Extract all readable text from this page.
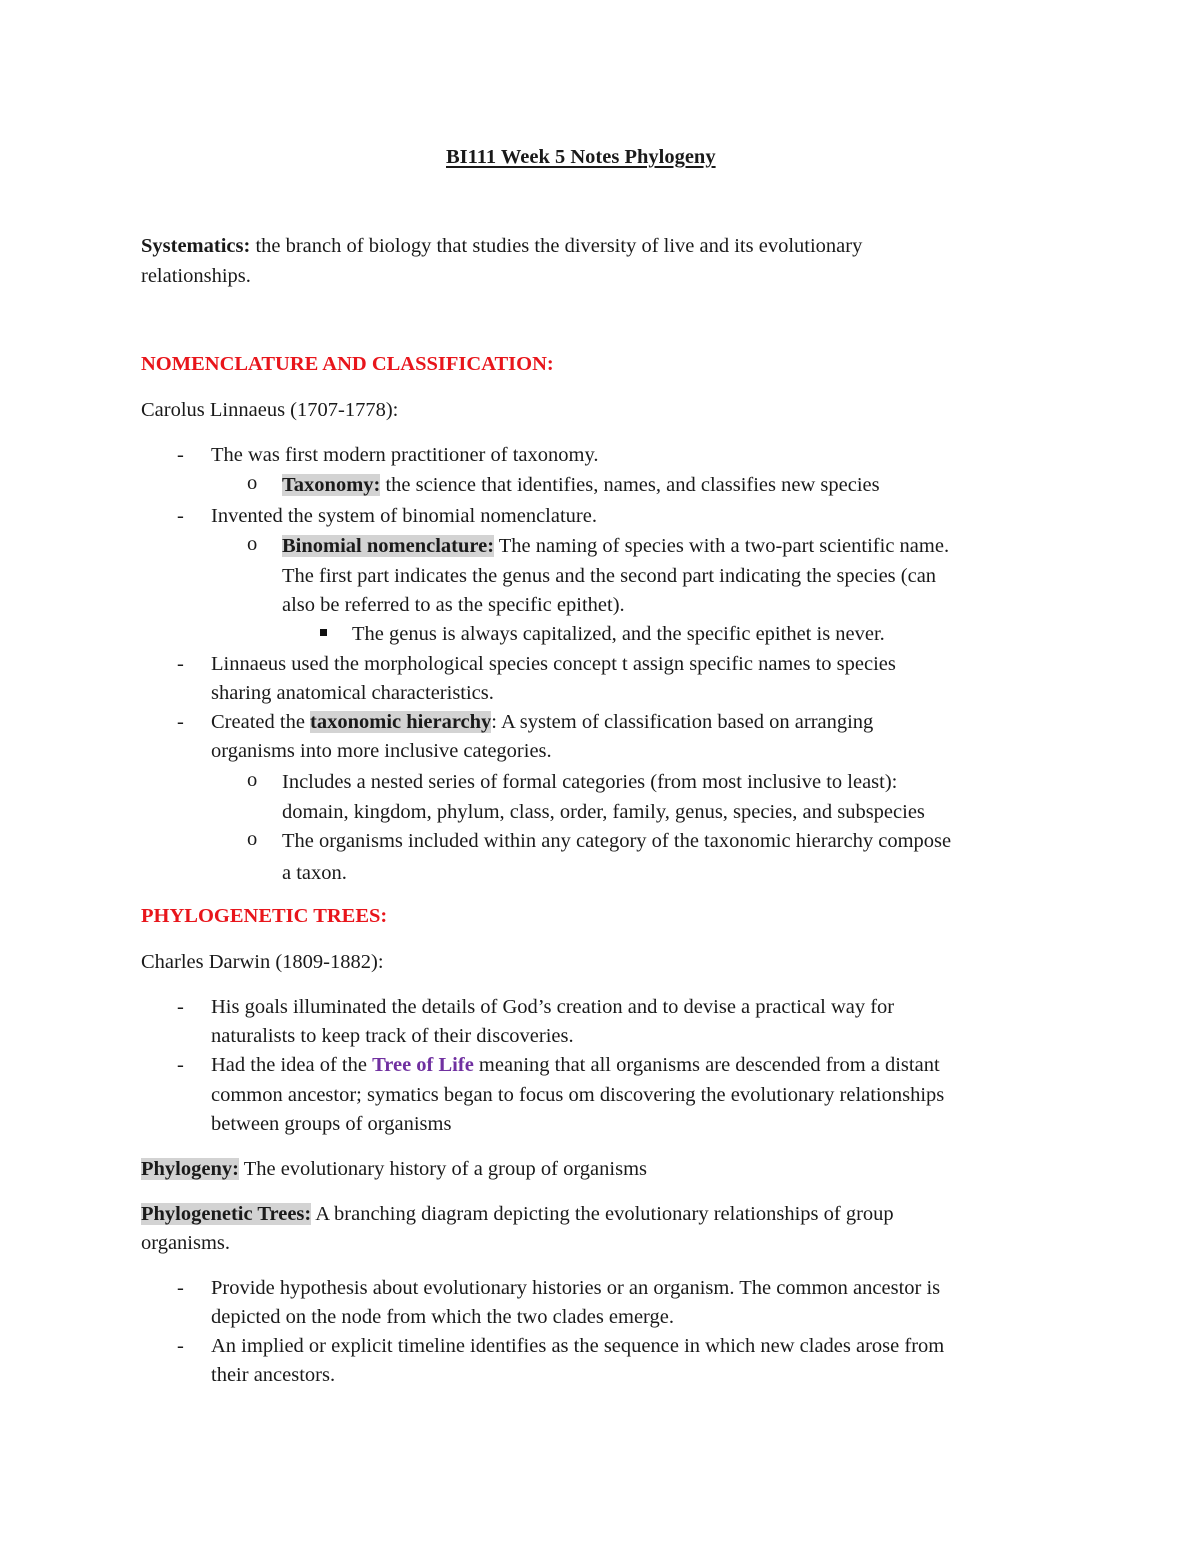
BI111 Week 5 Notes Phylogeny
Systematics: the branch of biology that studies the diversity of live and its evolutionary
relationships.
NOMENCLATURE AND CLASSIFICATION:
Carolus Linnaeus (1707-1778):
- The was first modern practitioner of taxonomy.
o Taxonomy: the science that identifies, names, and classifies new species
- Invented the system of binomial nomenclature.
o Binomial nomenclature: The naming of species with a two-part scientific name.
The first part indicates the genus and the second part indicating the species (can
also be referred to as the specific epithet).
The genus is always capitalized, and the specific epithet is never.
- Linnaeus used the morphological species concept t assign specific names to species
sharing anatomical characteristics.
- Created the taxonomic hierarchy: A system of classification based on arranging
organisms into more inclusive categories.
o Includes a nested series of formal categories (from most inclusive to least):
domain, kingdom, phylum, class, order, family, genus, species, and subspecies
o The organisms included within any category of the taxonomic hierarchy compose
a taxon.
PHYLOGENETIC TREES:
Charles Darwin (1809-1882):
- His goals illuminated the details of God’s creation and to devise a practical way for
naturalists to keep track of their discoveries.
- Had the idea of the Tree of Life meaning that all organisms are descended from a distant
common ancestor; symatics began to focus om discovering the evolutionary relationships
between groups of organisms
Phylogeny: The evolutionary history of a group of organisms
Phylogenetic Trees: A branching diagram depicting the evolutionary relationships of group
organisms.
- Provide hypothesis about evolutionary histories or an organism. The common ancestor is
depicted on the node from which the two clades emerge.
- An implied or explicit timeline identifies as the sequence in which new clades arose from
their ancestors.
